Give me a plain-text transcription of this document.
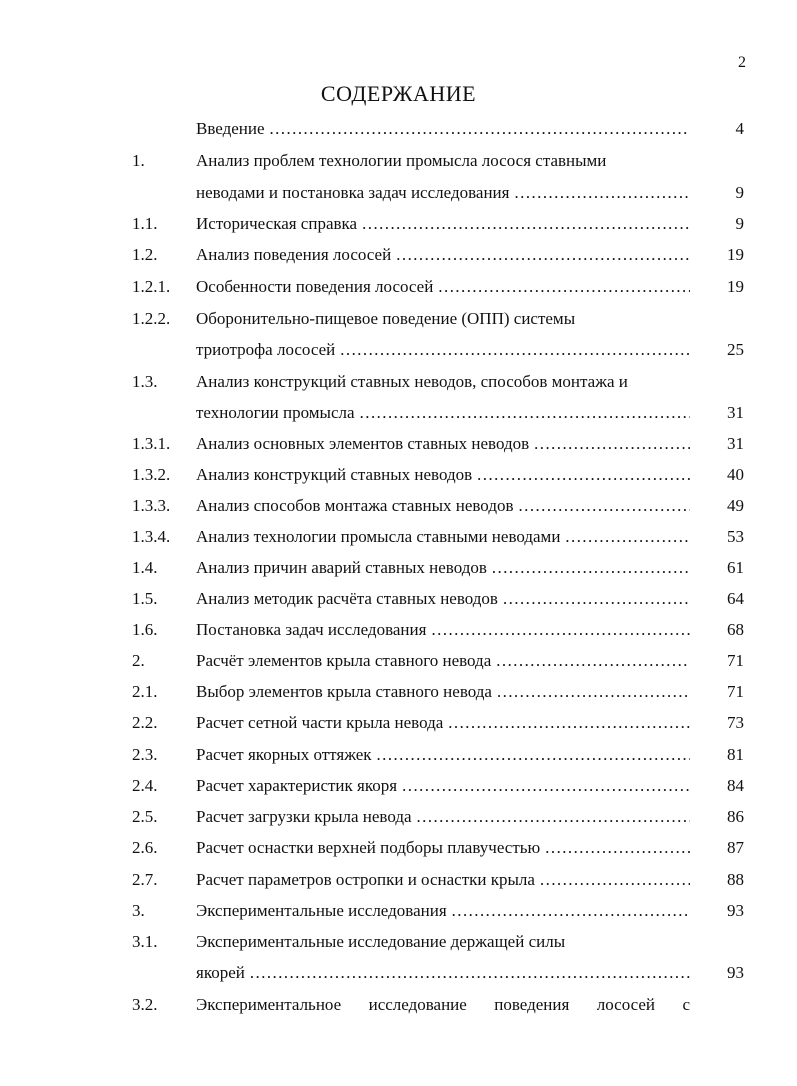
2
СОДЕРЖАНИЕ
Введение …………………………………………………………………………………………………………………………	4
1.	Анализ проблем технологии промысла лосося ставными
неводами и постановка задач исследования …………………………………………………………………………………………………………………………	9
1.1. Историческая справка …………………………………………………………………………………………………………………………	9
1.2. Анализ поведения лососей …………………………………………………………………………………………………………………………	19
1.2.1. Особенности поведения лососей …………………………………………………………………………………………………………………………	19
1.2.2. Оборонительно-пищевое поведение (ОПП) системы
триотрофа лососей …………………………………………………………………………………………………………………………	25
1.3. Анализ конструкций ставных неводов, способов монтажа и
технологии промысла …………………………………………………………………………………………………………………………	31
1.3.1. Анализ основных элементов ставных неводов …………………………………………………………………………………………………………………………	31
1.3.2. Анализ конструкций ставных неводов …………………………………………………………………………………………………………………………	40
1.3.3. Анализ способов монтажа ставных неводов …………………………………………………………………………………………………………………………	49
1.3.4. Анализ технологии промысла ставными неводами …………………………………………………………………………………………………………………………	53
1.4. Анализ причин аварий ставных неводов …………………………………………………………………………………………………………………………	61
1.5. Анализ методик расчёта ставных неводов …………………………………………………………………………………………………………………………	64
1.6. Постановка задач исследования …………………………………………………………………………………………………………………………	68
2.	Расчёт элементов крыла ставного невода …………………………………………………………………………………………………………………………	71
2.1. Выбор элементов крыла ставного невода …………………………………………………………………………………………………………………………	71
2.2. Расчет сетной части крыла невода …………………………………………………………………………………………………………………………	73
2.3. Расчет якорных оттяжек …………………………………………………………………………………………………………………………	81
2.4. Расчет характеристик якоря …………………………………………………………………………………………………………………………	84
2.5. Расчет загрузки крыла невода …………………………………………………………………………………………………………………………	86
2.6. Расчет оснастки верхней подборы плавучестью …………………………………………………………………………………………………………………………	87
2.7. Расчет параметров остропки и оснастки крыла …………………………………………………………………………………………………………………………	88
3.	Экспериментальные исследования …………………………………………………………………………………………………………………………	93
3.1. Экспериментальные исследование держащей силы
якорей …………………………………………………………………………………………………………………………	93
3.2. Экспериментальное исследование поведения лососей с
